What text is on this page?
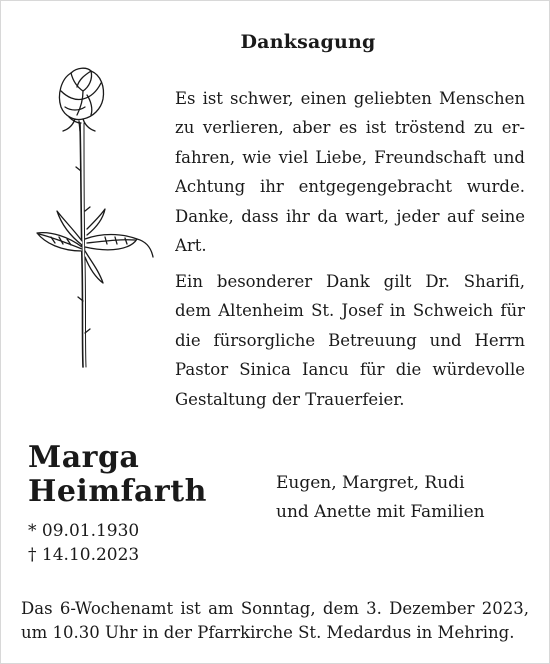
Danksagung
Es ist schwer, einen geliebten Menschen
zu verlieren, aber es ist tröstend zu er-
fahren, wie viel Liebe, Freundschaft und
Achtung ihr entgegengebracht wurde.
Danke, dass ihr da wart, jeder auf seine
Art.
Ein besonderer Dank gilt Dr. Sharifi,
dem Altenheim St. Josef in Schweich für
die fürsorgliche Betreuung und Herrn
Pastor Sinica Iancu für die würdevolle
Gestaltung der Trauerfeier.
Marga
Heimfarth
* 09.01.1930
† 14.10.2023
Eugen, Margret, Rudi
und Anette mit Familien
Das 6-Wochenamt ist am Sonntag, dem 3. Dezember 2023,
um 10.30 Uhr in der Pfarrkirche St. Medardus in Mehring.
